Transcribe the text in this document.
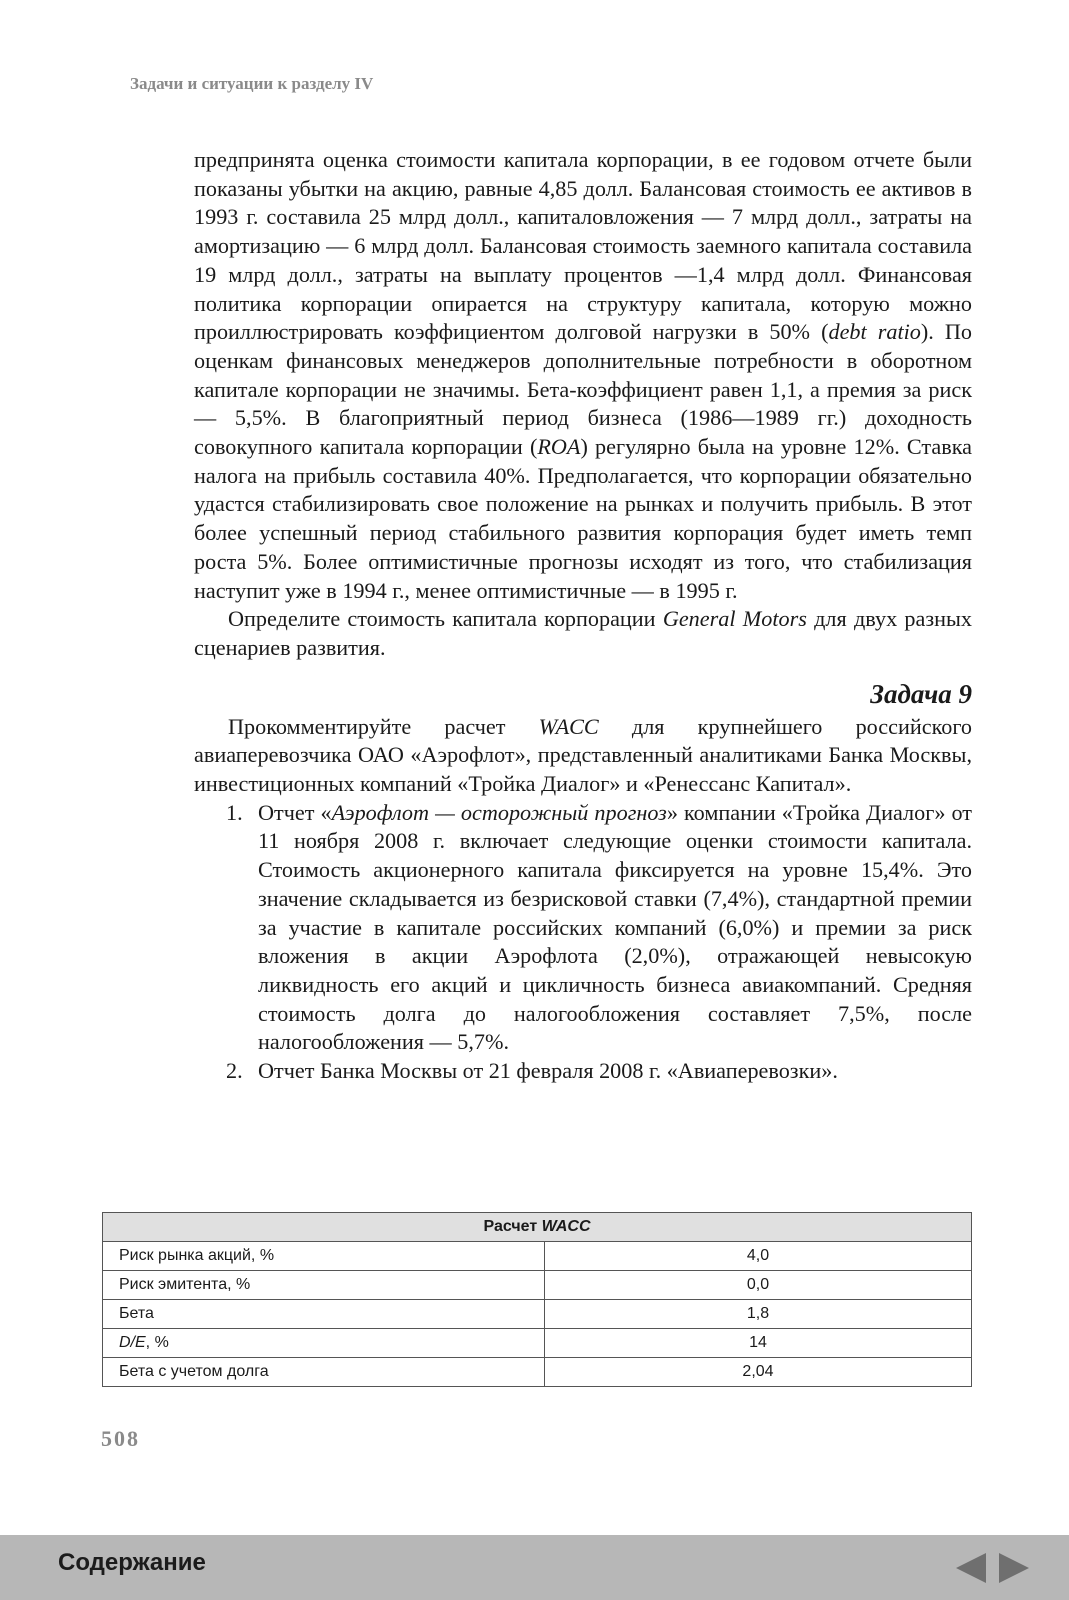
Задачи и ситуации к разделу IV

предпринята оценка стоимости капитала корпорации, в ее годовом отчете были показаны убытки на акцию, равные 4,85 долл. Балансовая стоимость ее активов в 1993 г. составила 25 млрд долл., капиталовложения — 7 млрд долл., затраты на амортизацию — 6 млрд долл. Балансовая стоимость заемного капитала составила 19 млрд долл., затраты на выплату процентов —1,4 млрд долл. Финансовая политика корпорации опирается на структуру капитала, которую можно проиллюстрировать коэффициентом долговой нагрузки в 50% (debt ratio). По оценкам финансовых менеджеров дополнительные потребности в оборотном капитале корпорации не значимы. Бета-коэффициент равен 1,1, а премия за риск — 5,5%. В благоприятный период бизнеса (1986—1989 гг.) доходность совокупного капитала корпорации (ROA) регулярно была на уровне 12%. Ставка налога на прибыль составила 40%. Предполагается, что корпорации обязательно удастся стабилизировать свое положение на рынках и получить прибыль. В этот более успешный период стабильного развития корпорация будет иметь темп роста 5%. Более оптимистичные прогнозы исходят из того, что стабилизация наступит уже в 1994 г., менее оптимистичные — в 1995 г.

Определите стоимость капитала корпорации General Motors для двух разных сценариев развития.

Задача 9

Прокомментируйте расчет WACC для крупнейшего российского авиаперевозчика ОАО «Аэрофлот», представленный аналитиками Банка Москвы, инвестиционных компаний «Тройка Диалог» и «Ренессанс Капитал».

1. Отчет «Аэрофлот — осторожный прогноз» компании «Тройка Диалог» от 11 ноября 2008 г. включает следующие оценки стоимости капитала. Стоимость акционерного капитала фиксируется на уровне 15,4%. Это значение складывается из безрисковой ставки (7,4%), стандартной премии за участие в капитале российских компаний (6,0%) и премии за риск вложения в акции Аэрофлота (2,0%), отражающей невысокую ликвидность его акций и цикличность бизнеса авиакомпаний. Средняя стоимость долга до налогообложения составляет 7,5%, после налогообложения — 5,7%.
2. Отчет Банка Москвы от 21 февраля 2008 г. «Авиаперевозки».
Расчет WACC	
Риск рынка акций, %	4,0
Риск эмитента, %	0,0
Бета	1,8
D/E, %	14
Бета с учетом долга	2,04
508
Содержание
